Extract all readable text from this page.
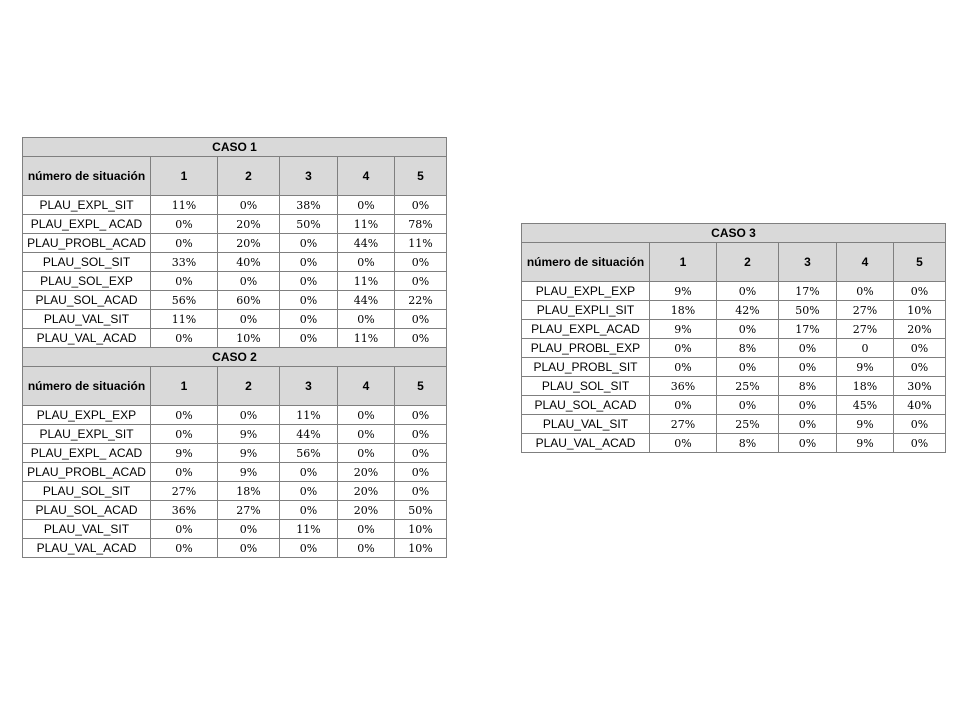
CASO 1					
número de situación	1	2	3	4	5
PLAU_EXPL_SIT	11%	0%	38%	0%	0%
PLAU_EXPL_ ACAD	0%	20%	50%	11%	78%
PLAU_PROBL_ACAD	0%	20%	0%	44%	11%
PLAU_SOL_SIT	33%	40%	0%	0%	0%
PLAU_SOL_EXP	0%	0%	0%	11%	0%
PLAU_SOL_ACAD	56%	60%	0%	44%	22%
PLAU_VAL_SIT	11%	0%	0%	0%	0%
PLAU_VAL_ACAD	0%	10%	0%	11%	0%
CASO 2					
número de situación	1	2	3	4	5
PLAU_EXPL_EXP	0%	0%	11%	0%	0%
PLAU_EXPL_SIT	0%	9%	44%	0%	0%
PLAU_EXPL_ ACAD	9%	9%	56%	0%	0%
PLAU_PROBL_ACAD	0%	9%	0%	20%	0%
PLAU_SOL_SIT	27%	18%	0%	20%	0%
PLAU_SOL_ACAD	36%	27%	0%	20%	50%
PLAU_VAL_SIT	0%	0%	11%	0%	10%
PLAU_VAL_ACAD	0%	0%	0%	0%	10%
CASO 3					
número de situación	1	2	3	4	5
PLAU_EXPL_EXP	9%	0%	17%	0%	0%
PLAU_EXPLI_SIT	18%	42%	50%	27%	10%
PLAU_EXPL_ACAD	9%	0%	17%	27%	20%
PLAU_PROBL_EXP	0%	8%	0%	0	0%
PLAU_PROBL_SIT	0%	0%	0%	9%	0%
PLAU_SOL_SIT	36%	25%	8%	18%	30%
PLAU_SOL_ACAD	0%	0%	0%	45%	40%
PLAU_VAL_SIT	27%	25%	0%	9%	0%
PLAU_VAL_ACAD	0%	8%	0%	9%	0%
